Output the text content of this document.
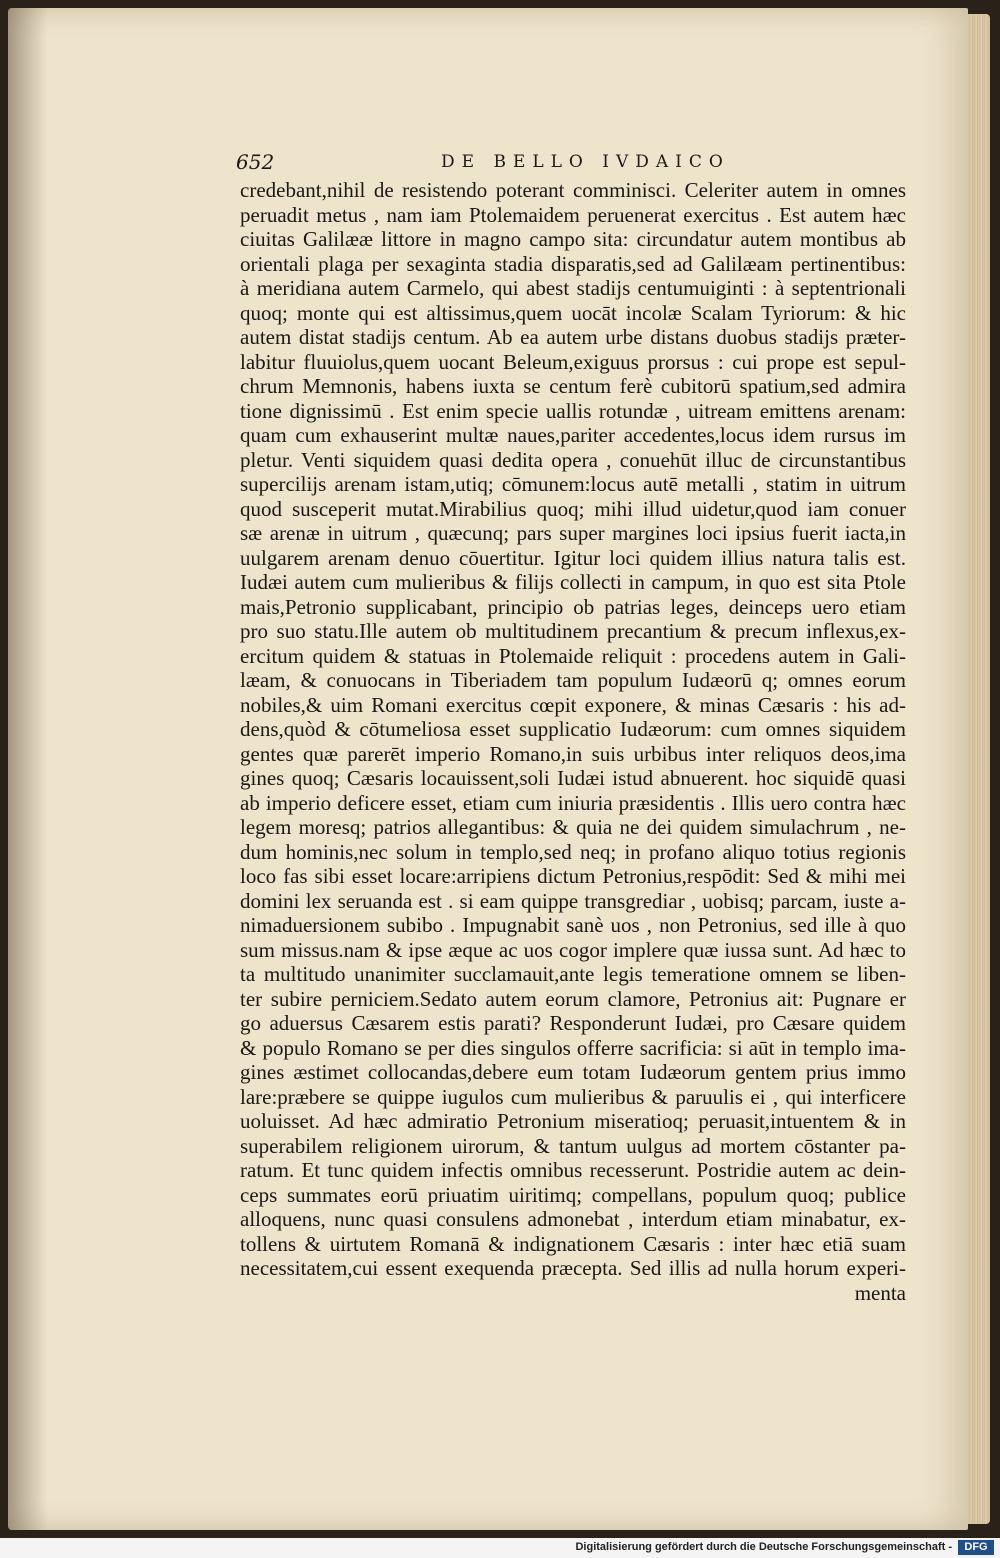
652	DE BELLO IVDAICO
credebant,nihil de resistendo poterant comminisci. Celeriter autem in omnes
peruadit metus , nam iam Ptolemaidem peruenerat exercitus . Est autem hæc
ciuitas Galilææ littore in magno campo sita: circundatur autem montibus ab
orientali plaga per sexaginta stadia disparatis,sed ad Galilæam pertinentibus:
à meridiana autem Carmelo, qui abest stadijs centumuiginti : à septentrionali
quoq; monte qui est altissimus,quem uocāt incolæ Scalam Tyriorum: & hic
autem distat stadijs centum. Ab ea autem urbe distans duobus stadijs præter-
labitur fluuiolus,quem uocant Beleum,exiguus prorsus : cui prope est sepul-
chrum Memnonis, habens iuxta se centum ferè cubitorū spatium,sed admira
tione dignissimū . Est enim specie uallis rotundæ , uitream emittens arenam:
quam cum exhauserint multæ naues,pariter accedentes,locus idem rursus im
pletur. Venti siquidem quasi dedita opera , conuehūt illuc de circunstantibus
supercilijs arenam istam,utiq; cōmunem:locus autē metalli , statim in uitrum
quod susceperit mutat.Mirabilius quoq; mihi illud uidetur,quod iam conuer
sæ arenæ in uitrum , quæcunq; pars super margines loci ipsius fuerit iacta,in
uulgarem arenam denuo cōuertitur. Igitur loci quidem illius natura talis est.
Iudæi autem cum mulieribus & filijs collecti in campum, in quo est sita Ptole
mais,Petronio supplicabant, principio ob patrias leges, deinceps uero etiam
pro suo statu.Ille autem ob multitudinem precantium & precum inflexus,ex-
ercitum quidem & statuas in Ptolemaide reliquit : procedens autem in Gali-
læam, & conuocans in Tiberiadem tam populum Iudæorū q; omnes eorum
nobiles,& uim Romani exercitus cœpit exponere, & minas Cæsaris : his ad-
dens,quòd & cōtumeliosa esset supplicatio Iudæorum: cum omnes siquidem
gentes quæ parerēt imperio Romano,in suis urbibus inter reliquos deos,ima
gines quoq; Cæsaris locauissent,soli Iudæi istud abnuerent. hoc siquidē quasi
ab imperio deficere esset, etiam cum iniuria præsidentis . Illis uero contra hæc
legem moresq; patrios allegantibus: & quia ne dei quidem simulachrum , ne-
dum hominis,nec solum in templo,sed neq; in profano aliquo totius regionis
loco fas sibi esset locare:arripiens dictum Petronius,respōdit: Sed & mihi mei
domini lex seruanda est . si eam quippe transgrediar , uobisq; parcam, iuste a-
nimaduersionem subibo . Impugnabit sanè uos , non Petronius, sed ille à quo
sum missus.nam & ipse æque ac uos cogor implere quæ iussa sunt. Ad hæc to
ta multitudo unanimiter succlamauit,ante legis temeratione omnem se liben-
ter subire perniciem.Sedato autem eorum clamore, Petronius ait: Pugnare er
go aduersus Cæsarem estis parati? Responderunt Iudæi, pro Cæsare quidem
& populo Romano se per dies singulos offerre sacrificia: si aūt in templo ima-
gines æstimet collocandas,debere eum totam Iudæorum gentem prius immo
lare:præbere se quippe iugulos cum mulieribus & paruulis ei , qui interficere
uoluisset. Ad hæc admiratio Petronium miseratioq; peruasit,intuentem & in
superabilem religionem uirorum, & tantum uulgus ad mortem cōstanter pa-
ratum. Et tunc quidem infectis omnibus recesserunt. Postridie autem ac dein-
ceps summates eorū priuatim uiritimq; compellans, populum quoq; publice
alloquens, nunc quasi consulens admonebat , interdum etiam minabatur, ex-
tollens & uirtutem Romanā & indignationem Cæsaris : inter hæc etiā suam
necessitatem,cui essent exequenda præcepta. Sed illis ad nulla horum experi-
menta
Digitalisierung gefördert durch die Deutsche Forschungsgemeinschaft -	DFG
